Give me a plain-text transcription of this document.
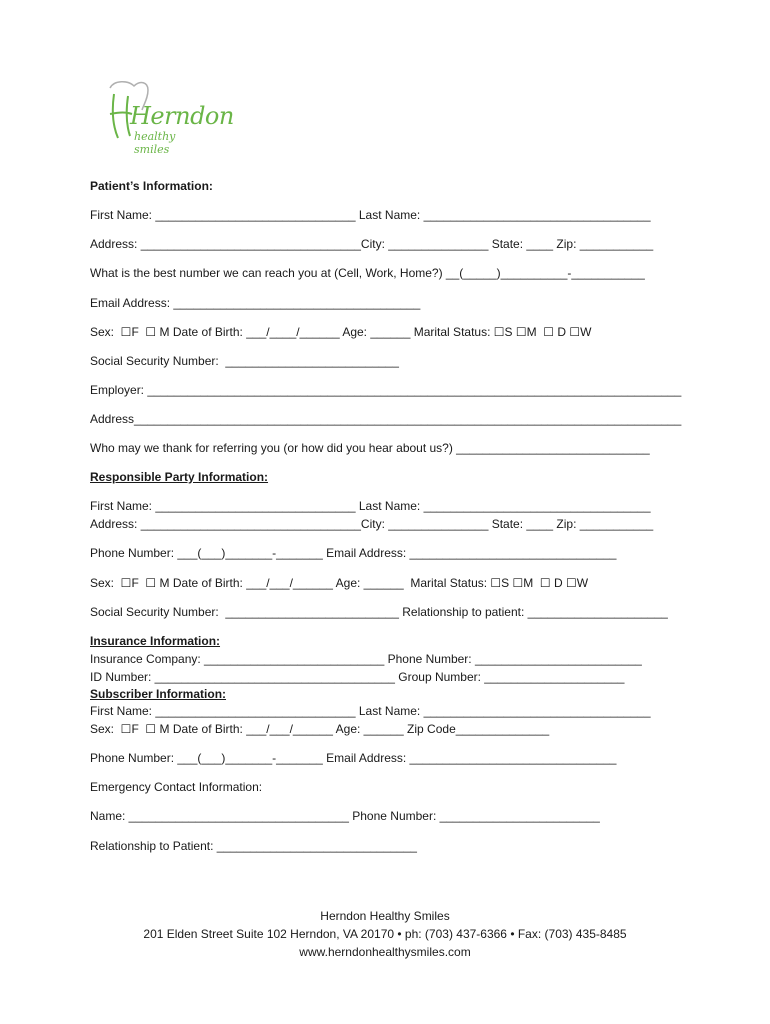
Herndon
healthy smiles
Patient’s Information:
First Name: ______________________________ Last Name: __________________________________
Address: _________________________________City: _______________ State: ____ Zip: ___________
What is the best number we can reach you at (Cell, Work, Home?) __(_____)__________-___________
Email Address: _____________________________________
Sex:  ☐F  ☐ M Date of Birth: ___/____/______ Age: ______ Marital Status: ☐S ☐M  ☐ D ☐W
Social Security Number:  __________________________
Employer: ________________________________________________________________________________
Address__________________________________________________________________________________
Who may we thank for referring you (or how did you hear about us?) _____________________________
Responsible Party Information:
First Name: ______________________________ Last Name: __________________________________
Address: _________________________________City: _______________ State: ____ Zip: ___________
Phone Number: ___(___)_______-_______ Email Address: _______________________________
Sex:  ☐F  ☐ M Date of Birth: ___/___/______ Age: ______  Marital Status: ☐S ☐M  ☐ D ☐W
Social Security Number:  __________________________ Relationship to patient: _____________________
Insurance Information:
Insurance Company: ___________________________ Phone Number: _________________________
ID Number: ____________________________________ Group Number: _____________________
Subscriber Information:
First Name: ______________________________ Last Name: __________________________________
Sex:  ☐F  ☐ M Date of Birth: ___/___/______ Age: ______ Zip Code______________
Phone Number: ___(___)_______-_______ Email Address: _______________________________
Emergency Contact Information:
Name: _________________________________ Phone Number: ________________________
Relationship to Patient: ______________________________
Herndon Healthy Smiles
201 Elden Street Suite 102 Herndon, VA 20170 • ph: (703) 437-6366 • Fax: (703) 435-8485
www.herndonhealthysmiles.com
